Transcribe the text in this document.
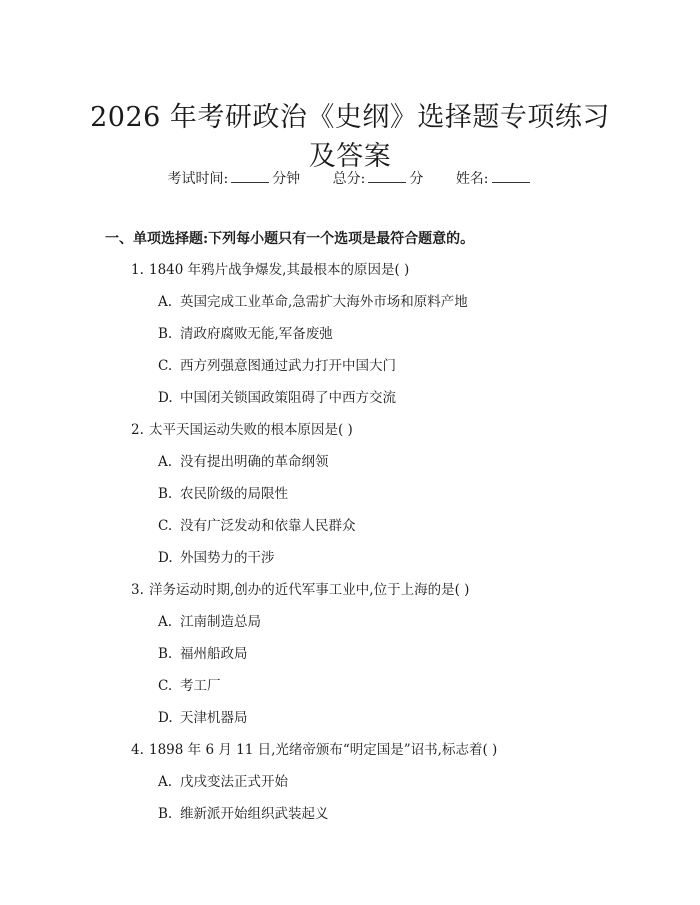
2026 年考研政治《史纲》选择题专项练习及答案
考试时间:	分钟 总分:	分 姓名:
一、单项选择题:下列每小题只有一个选项是最符合题意的。
1. 1840 年鸦片战争爆发,其最根本的原因是( )
A. 英国完成工业革命,急需扩大海外市场和原料产地
B. 清政府腐败无能,军备废弛
C. 西方列强意图通过武力打开中国大门
D. 中国闭关锁国政策阻碍了中西方交流
2. 太平天国运动失败的根本原因是( )
A. 没有提出明确的革命纲领
B. 农民阶级的局限性
C. 没有广泛发动和依靠人民群众
D. 外国势力的干涉
3. 洋务运动时期,创办的近代军事工业中,位于上海的是( )
A. 江南制造总局
B. 福州船政局
C. 考工厂
D. 天津机器局
4. 1898 年 6 月 11 日,光绪帝颁布“明定国是”诏书,标志着( )
A. 戊戌变法正式开始
B. 维新派开始组织武装起义
